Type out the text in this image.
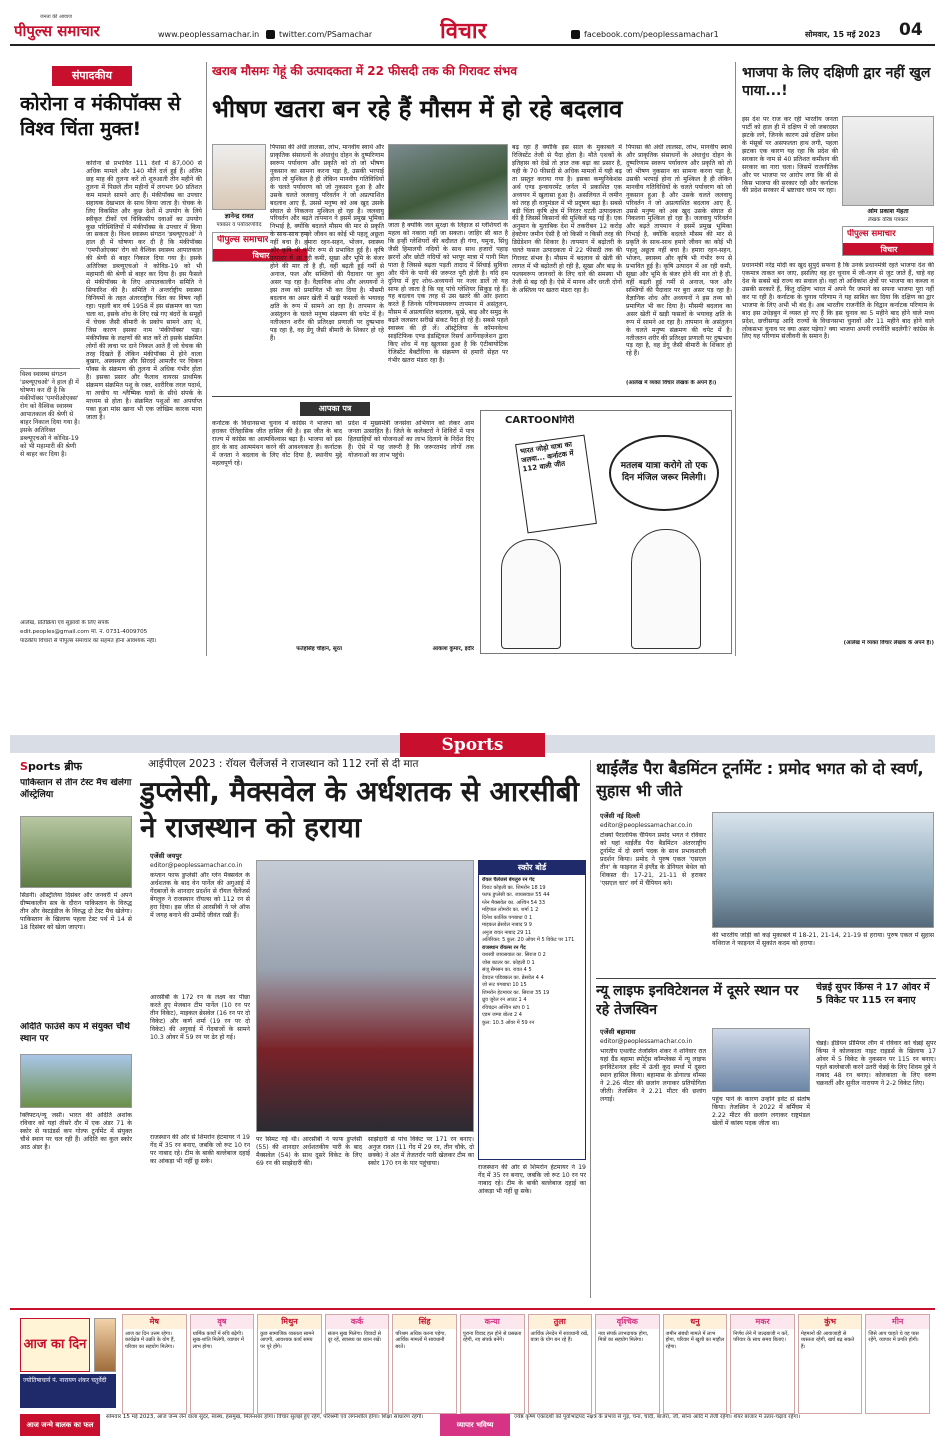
पीपुल्स समाचार
जनता की आवाज
www.peoplessamachar.in	विचार
twitter.com/PSamachar	facebook.com/peoplessamachar1	सोमवार, 15 मई 2023 04
संपादकीय
कोरोना व मंकीपॉक्स से विश्व चिंता मुक्त!
कोरोना से प्रभावित 111 देशों में 87,000 से अधिक मामले और 140 मौतें दर्ज हुई हैं। अंतिम छह माह की तुलना करें तो शुरुआती तीन महीने की तुलना में पिछले तीन महीनों में लगभग 90 प्रतिशत कम मामले सामने आए हैं। मंकीपॉक्स का उपचार सहायक देखभाल के साथ किया जाता है। चेचक के लिए विकसित और कुछ देशों में उपयोग के लिये स्वीकृत टीकों एवं चिकित्सीय दवाओं का उपयोग कुछ परिस्थितियों में मंकीपॉक्स के उपचार में किया जा सकता है। विश्व स्वास्थ्य संगठन 'डब्ल्यूएचओ' ने हाल ही में घोषणा कर दी है कि मंकीपॉक्स 'एमपीओएक्स' रोग को वैश्विक स्वास्थ्य आपातकाल की श्रेणी से बाहर निकाल दिया गया है। इसके अतिरिक्त डब्ल्यूएचओ ने कोविड-19 को भी महामारी की श्रेणी से बाहर कर दिया है। इस फैसले से मंकीपॉक्स के लिए आपातकालीन समिति ने सिफारिश की है। समिति ने अन्तर्राष्ट्रीय स्वास्थ्य विनियमों के तहत अंतरराष्ट्रीय चिंता का विषय नहीं रहा। पहली बार वर्ष 1958 में इस संक्रमण का पता चला था, इसके शोध के लिए रखे गए बंदरों के समूहों में चेचक जैसी बीमारी के प्रकोप सामने आए थे, जिस कारण इसका नाम 'मंकीपॉक्स' पड़ा। मंकीपॉक्स के लक्षणों की बात करें तो इसके संक्रमित लोगों की त्वचा पर दाने निकल आते हैं जो चेचक की तरह दिखते हैं लेकिन मंकीपॉक्स में होने वाला बुखार, अस्वस्थता और सिरदर्द आमतौर पर चिकन पॉक्स के संक्रमण की तुलना में अधिक गंभीर होता है। इसका प्रसार और फैलाव वायरस प्राथमिक संक्रमण संक्रमित पशु के रक्त, शारीरिक तरल पदार्थ, या त्वचीय या श्लैष्मिक घावों के सीधे संपर्क के माध्यम से होता है। संक्रमित पशुओं का अपर्याप्त पका हुआ मांस खाना भी एक जोखिम कारक माना जाता है।
विश्व स्वास्थ्य संगठन 'डब्ल्यूएचओ' ने हाल ही में घोषणा कर दी है कि मंकीपॉक्स 'एमपीओएक्स' रोग को वैश्विक स्वास्थ्य आपातकाल की श्रेणी से बाहर निकाल दिया गया है। इसके अतिरिक्त डब्ल्यूएचओ ने कोविड-19 को भी महामारी की श्रेणी से बाहर कर दिया है।
आलेख, प्रतिक्रिया एवं सुझावों के लिए संपर्क
edit.peoples@gmail.com मो. नं. 0731-4009705
पाठकीय विचारों से पीपुल्स समाचार का सहमत होना आवश्यक नहीं।
खराब मौसमः गेहूं की उत्पादकता में 22 फीसदी तक की गिरावट संभव
भीषण खतरा बन रहे हैं मौसम में हो रहे बदलाव
ज्ञानेन्द्र रावत
पत्रकार व पर्यावरणविद
पीपुल्स समाचार
विचार
पिपासा की अंधी लालसा, लोभ, मानवीय स्वार्थ और प्राकृतिक संसाधनों के अंधाधुंध दोहन के दुष्परिणाम स्वरूप पर्यावरण और प्रकृति को तो जो भीषण नुकसान का सामना करना पड़ा है, उसकी भरपाई होना तो मुश्किल है ही लेकिन मानवीय गतिविधियों के चलते पर्यावरण को जो नुकसान हुआ है और उसके चलते जलवायु परिवर्तन ने जो अप्रत्याशित बदलाव आए हैं, उससे मनुष्य को अब खुद उसके संघात से निकलना मुश्किल हो रहा है। जलवायु परिवर्तन और बढ़ते तापमान ने इसमें प्रमुख भूमिका निभाई है, क्योंकि बदलते मौसम की मार से प्रकृति के साथ-साथ हमारे जीवन का कोई भी पहलू अछूता नहीं बचा है। हमारा रहन-सहन, भोजन, स्वास्थ्य और कृषि भी गंभीर रूप से प्रभावित हुई है। कृषि उत्पादन में आ रही कमी, सूखा और भूमि के बंजर होने की मार तो है ही, वहीं बढ़ती हुई गर्मी से अनाज, फल और सब्जियों की पैदावार पर बुरा असर पड़ रहा है। वैज्ञानिक शोध और अध्ययनों ने इस तथ्य को प्रमाणित भी कर दिया है। मौसमी बदलाव का असर खेती में खड़ी फसलों के भयावह क्षति के रूप में सामने आ रहा है। तापमान के असंतुलन के चलते मनुष्य संक्रमण की चपेट में है। नतीजतन शरीर की प्रतिरक्षा प्रणाली पर दुष्प्रभाव पड़ रहा है, वह डेंगू जैसी बीमारी के शिकार हो रहे हैं।
जाता है क्योंकि जल सुरक्षा के लिहाज से ग्लेशियरों के महत्व को नकारा नहीं जा सकता। जाहिर सी बात है कि इन्हीं ग्लेशियरों की बदौलत ही गंगा, यमुना, सिंधु जैसी हिमालयी नदियों के साथ साथ हजारों पहाड़ झरनों और छोटी नदियों को भरपूर मात्रा में पानी मिल पाता है जिससे बढ़ता पड़ती तादाद में सिंचाई सुविधा और पीने के पानी की जरूरत पूरी होती है। यदि हम दुनिया में हुए शोध-अध्ययनों पर नजर डालें तो यह साफ हो जाता है कि यह पांचे ग्लेशियर सिकुड़ रहे हैं। यह बदलाव एक तरह से उस खतरे की ओर इशारा करते हैं जिनके परिणामस्वरूप तापमान में असंतुलन, मौसम में अप्रत्याशित बदलाव, सुखे, बाढ़ और समुद्र के बढ़ते जलस्तर सरीखे संकट पैदा हो रहे हैं। सबसे पहले स्वास्थ्य की ही लें। ऑस्ट्रेलिया के कॉमनवेल्थ साइंटिफिक एण्ड इंडस्ट्रियल रिसर्च आर्गेनाइजेशन द्वारा किए शोध में यह खुलासा हुआ है कि एंटीबायोटिक रेजिस्टेंट बैक्टीरिया के संक्रमण से हमारी सेहत पर गंभीर खतरा मंडरा रहा है।
बढ़ रहा है क्योंकि इस साल के मुकाबले में रिजिस्टेंट तेजी से पैदा होता है। मौते एशकों के इतिहास को देखें तो ज्ञात तक बढ़ा का प्रसार है, यही के 70 फीसदी से अधिक मामलों में यही बढ़ ता प्रस्तुत कराया गया है। इसका कम्युनिकेशंस अर्थ एण्ड इन्वायरमेंट जर्नल में प्रकाशित एक अध्ययन में खुलासा हुआ है। असलियत में जमीन को तरह ही वायुमंडल में भी प्रदूषण बढ़ा है। सबसे बड़ी चिंता कृषि क्षेत्र में निरंतर घटती उत्पादकता की है जिससे किसानों की मुश्किलें बढ़ गई हैं। एक अनुमान के मुताबिक देश में तकरीबन 12 करोड़ हेक्टेयर जमीन ऐसी है जो किसी न किसी तरह की डिग्रेडेशन की शिकार है। तापमान में बढ़ोतरी के चलते फसल उत्पादकता में 22 फीसदी तक की गिरावट संभव है। मौसम में बदलाव से खेती की लागत में भी बढ़ोतरी हो रही है, सूखा और बाढ़ के फलस्वरूप जानवरों के लिए चारे की समस्या भी तेजी से बढ़ रही है। ऐसे में मानव और धरती दोनों के अस्तित्व पर खतरा मंडरा रहा है।
पिपासा की अंधी लालसा, लोभ, मानवीय स्वार्थ और प्राकृतिक संसाधनों के अंधाधुंध दोहन के दुष्परिणाम स्वरूप पर्यावरण और प्रकृति को तो जो भीषण नुकसान का सामना करना पड़ा है, उसकी भरपाई होना तो मुश्किल है ही लेकिन मानवीय गतिविधियों के चलते पर्यावरण को जो नुकसान हुआ है और उसके चलते जलवायु परिवर्तन ने जो अप्रत्याशित बदलाव आए हैं, उससे मनुष्य को अब खुद उसके संघात से निकलना मुश्किल हो रहा है। जलवायु परिवर्तन और बढ़ते तापमान ने इसमें प्रमुख भूमिका निभाई है, क्योंकि बदलते मौसम की मार से प्रकृति के साथ-साथ हमारे जीवन का कोई भी पहलू अछूता नहीं बचा है। हमारा रहन-सहन, भोजन, स्वास्थ्य और कृषि भी गंभीर रूप से प्रभावित हुई है। कृषि उत्पादन में आ रही कमी, सूखा और भूमि के बंजर होने की मार तो है ही, वहीं बढ़ती हुई गर्मी से अनाज, फल और सब्जियों की पैदावार पर बुरा असर पड़ रहा है। वैज्ञानिक शोध और अध्ययनों ने इस तथ्य को प्रमाणित भी कर दिया है। मौसमी बदलाव का असर खेती में खड़ी फसलों के भयावह क्षति के रूप में सामने आ रहा है। तापमान के असंतुलन के चलते मनुष्य संक्रमण की चपेट में है। नतीजतन शरीर की प्रतिरक्षा प्रणाली पर दुष्प्रभाव पड़ रहा है, वह डेंगू जैसी बीमारी के शिकार हो रहे हैं।
(आलेख में व्यक्त विचार लेखक के अपने हैं।)
भाजपा के लिए दक्षिणी द्वार नहीं खुल पाया...!
इस देश पर राज कर रही भारतीय जनता पार्टी को हाल ही में दक्षिण में जो जबरदस्त झटके लगे, जिनके कारण उसे दक्षिण प्रवेश के मंसूबों पर असफलता हाथ लगी, पहला झटका एक कारण यह रहा कि प्रदेश की सरकार के नाम से 40 प्रतिशत कमीशन की सरकार का नारा चला। जिसमें राजनीतिक और पर भाजपा पर आरोप लगा कि बी से किस भाजपा की सरकार रही और कर्नाटक की प्रदेश सरकार में भ्रष्टाचार चरम पर रहा।
ओम प्रकाश मेहता
लेखक वरिष्ठ पत्रकार
पीपुल्स समाचार
विचार
प्रधानमंत्री नरेंद्र मोदी का खुद सुपुर्द सफना है कि उनके प्रधानमंत्री रहते भाजपा देश की एकमात्र ताकत बन जाए, इसलिए वह हर चुनाव में जी-जान से जुट जाते हैं, चाहे वह देश के सबसे बड़े राज्य का सवाल हो। वहां तो अधिकांश क्षेत्रों पर भाजपा का कब्जा व उसकी सरकारें हैं, किंतु दक्षिण भारत में अपने पैर जमाने का सपना भाजपा पूरा नहीं कर पा रही है। कर्नाटक के चुनाव परिणाम ने यह साबित कर दिया कि दक्षिण का द्वार भाजपा के लिए अभी भी बंद है। अब भारतीय राजनीति के विद्वान कर्नाटक परिणाम के बाद इस उधेड़बुन में व्यस्त हो गए हैं कि इस चुनाव का 5 महीने बाद होने वाले मध्य प्रदेश, छत्तीसगढ़ आदि राज्यों के विधानसभा चुनावों और 11 महीने बाद होने वाले लोकसभा चुनाव पर क्या असर पड़ेगा? क्या भाजपा अपनी रणनीति बदलेगी? कांग्रेस के लिए यह परिणाम संजीवनी के समान है।
(आलेख में व्यक्त विचार लेखक के अपने हैं।)
आपका पत्र
कर्नाटक के विधानसभा चुनाव में कांग्रेस ने भाजपा को हराकर ऐतिहासिक जीत हासिल की है। इस जीत के बाद राज्य में कांग्रेस का आत्मविश्वास बढ़ा है। भाजपा को इस हार के बाद आत्ममंथन करने की आवश्यकता है। कर्नाटक में जनता ने बदलाव के लिए वोट दिया है, स्थानीय मुद्दे महत्वपूर्ण रहे।
फतेहसिंह चौहान, सूरत
प्रदेश में मुख्यमंत्री जनसेवा अभियान को लेकर आम जनता उत्साहित है। जिले के कलेक्टरों ने शिविरों में पात्र हितग्राहियों को योजनाओं का लाभ दिलाने के निर्देश दिए हैं। ऐसे में यह जरूरी है कि जरूरतमंद लोगों तक योजनाओं का लाभ पहुंचे।
आकाश कुमार, इंदौर
CARTOONगिरी
भारत जोड़ो यात्रा का जलवा... कर्नाटक में 112 वाली जीत	मतलब यात्रा करोगे तो एक दिन मंजिल जरूर मिलेगी।
Sports
Sports ब्रीफ
पाकिस्तान से तीन टेस्ट मैच खेलेगा ऑस्ट्रेलिया
सिडनी। ऑस्ट्रेलिया दिसंबर और जनवरी में अपने ग्रीष्मकालीन सत्र के दौरान पाकिस्तान के विरुद्ध तीन और वेस्टइंडीज के विरुद्ध दो टेस्ट मैच खेलेगा। पाकिस्तान के खिलाफ पहला टेस्ट पर्थ में 14 से 18 दिसंबर को खेला जाएगा।
अदिति फाउंर्स कप में संयुक्त चौथे स्थान पर
क्लिफ्टन/न्यू जर्सी। भारत की अदिति अशोक रविवार को यहां तीसरे दौर में एक अंडर 71 के स्कोर से फाउंडर्स कप गोल्फ टूर्नामेंट में संयुक्त चौथे स्थान पर चल रही हैं। अदिति का कुल स्कोर आठ अंडर है।
आईपीएल 2023 : रॉयल चैलेंजर्स ने राजस्थान को 112 रनों से दी मात
डुप्लेसी, मैक्सवेल के अर्धशतक से आरसीबी ने राजस्थान को हराया
एजेंसी जयपुर
editor@peoplessamachar.co.in
कप्तान फाफ डुप्लेसी और ग्लेन मैक्सवेल के अर्धशतक के बाद वेन पार्नेल की अगुआई में गेंदबाजों के शानदार प्रदर्शन से रॉयल चैलेंजर्स बेंगलुरु ने राजस्थान रॉयल्स को 112 रन से हरा दिया। इस जीत से आरसीबी ने प्ले ऑफ में जगह बनाने की उम्मीदें जीवंत रखी हैं।
आरसीबी के 172 रन के लक्ष्य का पीछा करते हुए मेजबान टीम पार्नेल (10 रन पर तीन विकेट), माइकल ब्रेसवेल (16 रन पर दो विकेट) और कर्ण शर्मा (19 रन पर दो विकेट) की अगुवाई में गेंदबाजों के सामने 10.3 ओवर में 59 रन पर ढेर हो गई।
पर सिमट गई थी। आरसीबी ने फाफ डुप्लेसी (55) की शानदार अर्धशतकीय पारी के बाद मैक्सवेल (54) के साथ दूसरे विकेट के लिए 69 रन की साझेदारी की।
साझेदारी से पांच विकेट पर 171 रन बनाए। अनुज रावत (11 गेंद में 29 रन, तीन चौके, दो छक्के) ने अंत में तेजतर्रार पारी खेलकर टीम का स्कोर 170 रन के पार पहुंचाया।
राजस्थान की ओर से शिमरोन हेटमायर ने 19 गेंद में 35 रन बनाए, जबकि जो रूट 10 रन पर नाबाद रहे। टीम के बाकी बल्लेबाज दहाई का आंकड़ा भी नहीं छू सके।
स्कोर बोर्ड
रॉयल चैलेंजर्स बेंगलुरु रन गेंद
विराट कोहली का. शिमरोन 18 19
फाफ डुप्लेसी का. जायसवाल 55 44
ग्लेन मैक्सवेल का. अश्विन 54 33
महिपाल लोमरोर का. शर्मा 1 2
दिनेश कार्तिक पगबाधा 0 1
माइकल ब्रेसवेल नाबाद 9 9
अनुज रावत नाबाद 29 11
अतिरिक्त: 5 कुल: 20 ओवर में 5 विकेट पर 171
राजस्थान रॉयल्स रन गेंद
यशस्वी जायसवाल का. सिराज 0 2
जोस बटलर का. कोहली 0 1
संजू सैमसन का. रावत 4 5
देवदत्त पडिक्कल का. ब्रेसवेल 4 4
जो रूट पगबाधा 10 15
शिमरोन हेटमायर का. सिराज 35 19
ध्रुव जुरेल रन आउट 1 4
रविचंद्रन अश्विन स्टंप 0 1
एडम जम्पा बोल्ड 2 4
कुल: 10.3 ओवर में 59 रन
राजस्थान की ओर से शिमरोन हेटमायर ने 19 गेंद में 35 रन बनाए, जबकि जो रूट 10 रन पर नाबाद रहे। टीम के बाकी बल्लेबाज दहाई का आंकड़ा भी नहीं छू सके।
थाईलैंड पैरा बैडमिंटन टूर्नामेंट : प्रमोद भगत को दो स्वर्ण, सुहास भी जीते
एजेंसी नई दिल्ली
editor@peoplessamachar.co.in
टोक्यो पैरालंपिक चैंपियन प्रमोद भगत ने रविवार को यहां थाईलैंड पैरा बैडमिंटन अंतरराष्ट्रीय टूर्नामेंट में दो स्वर्ण पदक के साथ प्रभावशाली प्रदर्शन किया। प्रमोद ने पुरुष एकल 'एसएल तीन' के फाइनल में इंग्लैंड के डेनियल बेथेल को शिकस्त दी। 17-21, 21-11 से हराकर 'एसएल चार' वर्ग में चैंपियन बने।
की भारतीय जोड़ी को कड़े मुकाबले में 18-21, 21-14, 21-19 से हराया। पुरुष एकल में सुहास यथिराज ने फाइनल में सुकांत कदम को हराया।
न्यू लाइफ इनविटेशनल में दूसरे स्थान पर रहे तेजस्विन
एजेंसी बहामास
editor@peoplessamachar.co.in
भारतीय एथलीट तेजस्विन शंकर ने शनिवार रात यहां ग्रैंड बहामा स्पोर्ट्स कॉम्प्लेक्स में न्यू लाइफ इनविटेशनल इवेंट में ऊंची कूद स्पर्धा में दूसरा स्थान हासिल किया। बहामास के डोनाल्ड थॉमस ने 2.26 मीटर की छलांग लगाकर प्रतियोगिता जीती। तेजस्विन ने 2.21 मीटर की छलांग लगाई।	पहुंच पाने के कारण उन्होंने इवेंट से संतोष किया। तेजस्विन ने 2022 में बर्मिंघम में 2.22 मीटर की छलांग लगाकर राष्ट्रमंडल खेलों में कांस्य पदक जीता था।
चेन्नई सुपर किंग्स ने 17 ओवर में 5 विकेट पर 115 रन बनाए
चेन्नई। इंडियन प्रीमियर लीग में रविवार को चेन्नई सुपर किंग्स ने कोलकाता नाइट राइडर्स के खिलाफ 17 ओवर में 5 विकेट के नुकसान पर 115 रन बनाए। पहले बल्लेबाजी करने उतरी चेन्नई के लिए शिवम दुबे ने नाबाद 48 रन बनाए। कोलकाता के लिए वरुण चक्रवर्ती और सुनील नारायण ने 2-2 विकेट लिए।
आज का दिन
ज्योतिषाचार्य पं. नारायण शंकर चतुर्वेदी
मेष
आज का दिन उत्तम रहेगा। कार्यक्षेत्र में उन्नति के योग हैं, परिवार का सहयोग मिलेगा।
वृष
धार्मिक कार्यों में रुचि बढ़ेगी। सुख-शांति मिलेगी, व्यापार में लाभ होगा।
मिथुन
कुछ सामाजिक व्यस्तता सामने आएगी, आवश्यक कार्य समय पर पूरे होंगे।
कर्क
संतान सुख मिलेगा। विवादों से दूर रहें, स्वास्थ्य का ध्यान रखें।
सिंह
परिश्रम अधिक करना पड़ेगा, आर्थिक मामलों में सावधानी बरतें।
कन्या
पुराना विवाद हल होने से प्रसन्नता रहेगी, नए संपर्क बनेंगे।
तुला
आर्थिक लेनदेन में सावधानी रखें, यात्रा के योग बन रहे हैं।
वृश्चिक
नया संपर्क लाभदायक होगा, मित्रों का सहयोग मिलेगा।
धनु
जमीन संबंधी मामले में लाभ होगा, परिवार में खुशी का माहौल रहेगा।
मकर
निर्णय लेने में जल्दबाजी न करें, परिवार के साथ समय बिताएं।
कुंभ
मेहमानों की आवाजाही से व्यस्तता रहेगी, खर्च बढ़ सकते हैं।
मीन
जिसे आप चाहते थे वह पास रहेंगे, व्यापार में प्रगति होगी।
आज जन्मे बालक का फल
सोमवार 15 मई 2023, आज जन्म लेने वाला सुंदर, स्वस्थ, हंसमुख, मिलनसार होगा। विचार सुलझे हुए रहेंगे, परिश्रमी एवं लगनशील होगा। शिक्षा साधारण रहेगी।
व्यापार भविष्य
ज्येष्ठ कृष्ण एकादशी को पूर्वाभाद्रपद नक्षत्र के प्रभाव से गुड़, चना, चांदी, बाजरा, जौ, सोना आदि में तेजी रहेगी। शेयर बाजार में उतार-चढ़ाव रहेगा।
